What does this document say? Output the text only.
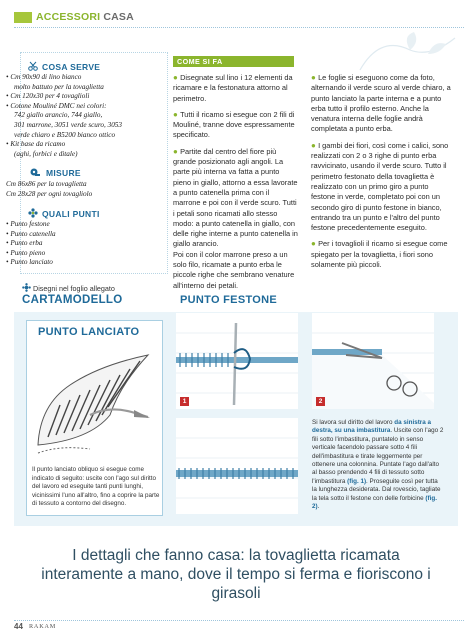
ACCESSORI CASA
COSA SERVE
• Cm 90x90 di lino bianco
molto battuto per la tovaglietta
• Cm 120x30 per 4 tovaglioli
• Cotone Mouliné DMC nei colori:
742 giallo arancio, 744 giallo,
301 marrone, 3051 verde scuro, 3053
verde chiaro e B5200 bianco ottico
• Kit base da ricamo
(aghi, forbici e ditale)
MISURE
Cm 86x86 per la tovaglietta
Cm 28x28 per ogni tovagliolo
QUALI PUNTI
• Punto festone
• Punto catenella
• Punto erba
• Punto pieno
• Punto lanciato
Disegni nel foglio allegato
CARTAMODELLO
COME SI FA

● Disegnate sul lino i 12 elementi da ricamare e la festonatura attorno al perimetro.

● Tutti il ricamo si esegue con 2 fili di Mouliné, tranne dove espressamente specificato.

● Partite dal centro del fiore più grande posizionato agli angoli. La parte più interna va fatta a punto pieno in giallo, attorno a essa lavorate a punto catenella prima con il marrone e poi con il verde scuro. Tutti i petali sono ricamati allo stesso modo: a punto catenella in giallo, con delle righe interne a punto catenella in giallo arancio.

Poi con il color marrone preso a un solo filo, ricamate a punto erba le piccole righe che sembrano venature all'interno dei petali.

● Le foglie si eseguono come da foto, alternando il verde scuro al verde chiaro, a punto lanciato la parte interna e a punto erba tutto il profilo esterno. Anche la venatura interna delle foglie andrà completata a punto erba.

● I gambi dei fiori, così come i calici, sono realizzati con 2 o 3 righe di punto erba ravvicinato, usando il verde scuro. Tutto il perimetro festonato della tovaglietta è realizzato con un primo giro a punto festone in verde, completato poi con un secondo giro di punto festone in bianco, entrando tra un punto e l'altro del punto festone precedentemente eseguito.

● Per i tovaglioli il ricamo si esegue come spiegato per la tovaglietta, i fiori sono solamente più piccoli.

PUNTO LANCIATO
Il punto lanciato obliquo si esegue come indicato di seguito: uscite con l'ago sul diritto del lavoro ed eseguite tanti punti lunghi, vicinissimi l'uno all'altro, fino a coprire la parte di tessuto a contorno del disegno.
PUNTO FESTONE
1	2
Si lavora sul diritto del lavoro da sinistra a destra, su una imbastitura. Uscite con l'ago 2 fili sotto l'imbastitura, puntatelo in senso verticale facendolo passare sotto 4 fili dell'imbastitura e tirate leggermente per ottenere una colonnina. Puntate l'ago dall'alto al basso prendendo 4 fili di tessuto sotto l'imbastitura (fig. 1). Proseguite così per tutta la lunghezza desiderata. Dal rovescio, tagliate la tela sotto il festone con delle forbicine (fig. 2).
I dettagli che fanno casa: la tovaglietta ricamata interamente a mano, dove il tempo si ferma e fioriscono i girasoli
44 RAKAM
